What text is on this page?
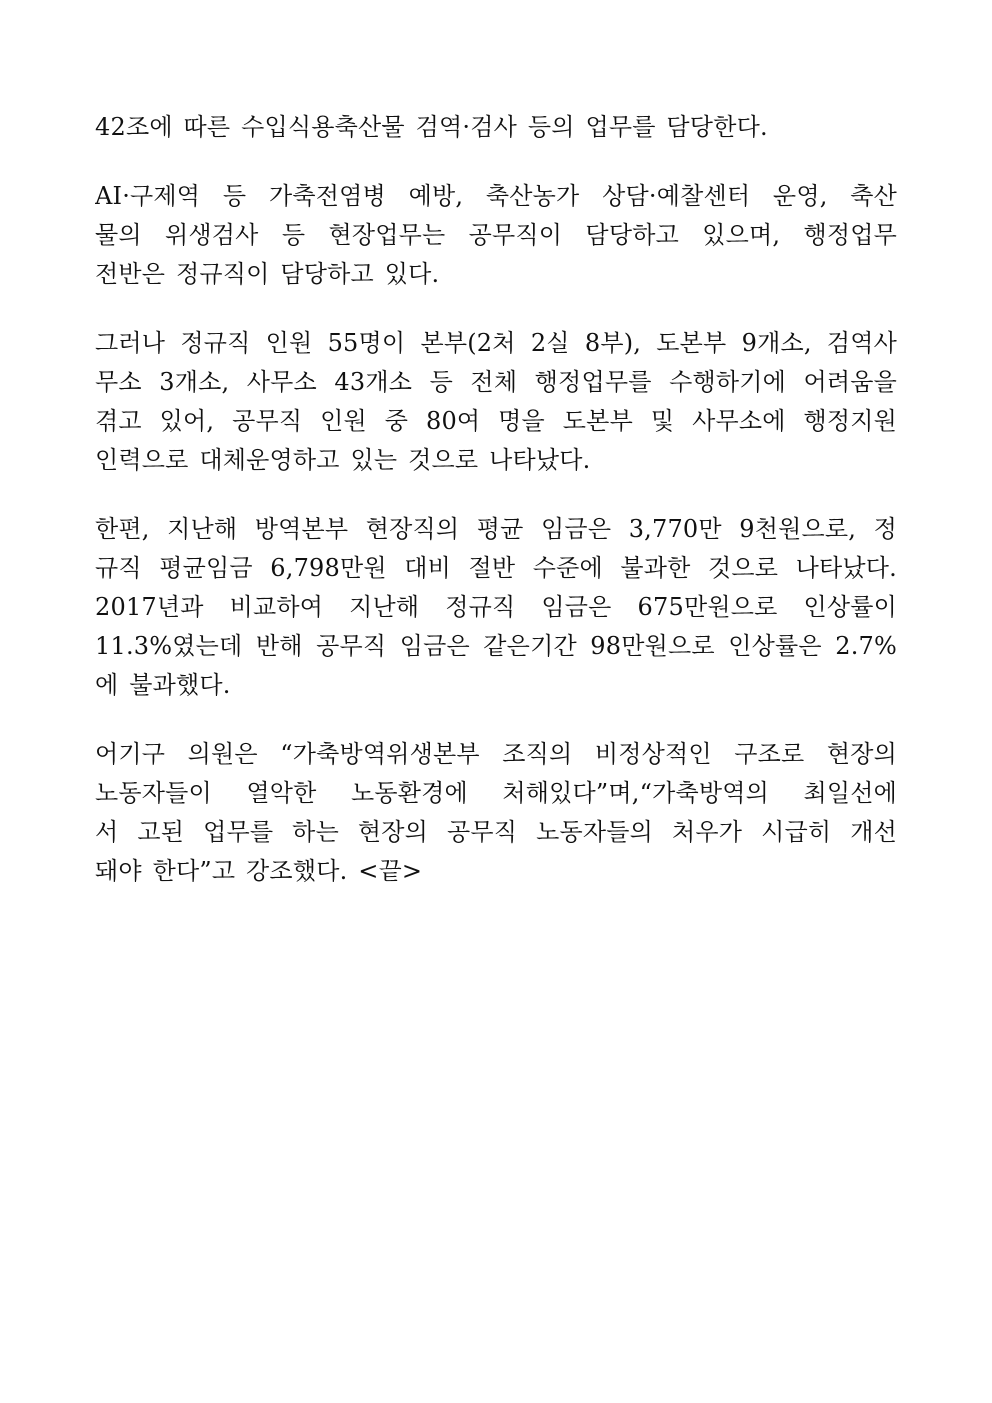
42조에 따른 수입식용축산물 검역·검사 등의 업무를 담당한다.

AI·구제역 등 가축전염병 예방, 축산농가 상담·예찰센터 운영, 축산
물의 위생검사 등 현장업무는 공무직이 담당하고 있으며, 행정업무
전반은 정규직이 담당하고 있다.

그러나 정규직 인원 55명이 본부(2처 2실 8부), 도본부 9개소, 검역사
무소 3개소, 사무소 43개소 등 전체 행정업무를 수행하기에 어려움을
겪고 있어, 공무직 인원 중 80여 명을 도본부 및 사무소에 행정지원
인력으로 대체운영하고 있는 것으로 나타났다.

한편, 지난해 방역본부 현장직의 평균 임금은 3,770만 9천원으로, 정
규직 평균임금 6,798만원 대비 절반 수준에 불과한 것으로 나타났다.
2017년과 비교하여 지난해 정규직 임금은 675만원으로 인상률이
11.3%였는데 반해 공무직 임금은 같은기간 98만원으로 인상률은 2.7%
에 불과했다.

어기구 의원은 “가축방역위생본부 조직의 비정상적인 구조로 현장의
노동자들이 열악한 노동환경에 처해있다”며,“가축방역의 최일선에
서 고된 업무를 하는 현장의 공무직 노동자들의 처우가 시급히 개선
돼야 한다”고 강조했다. <끝>
